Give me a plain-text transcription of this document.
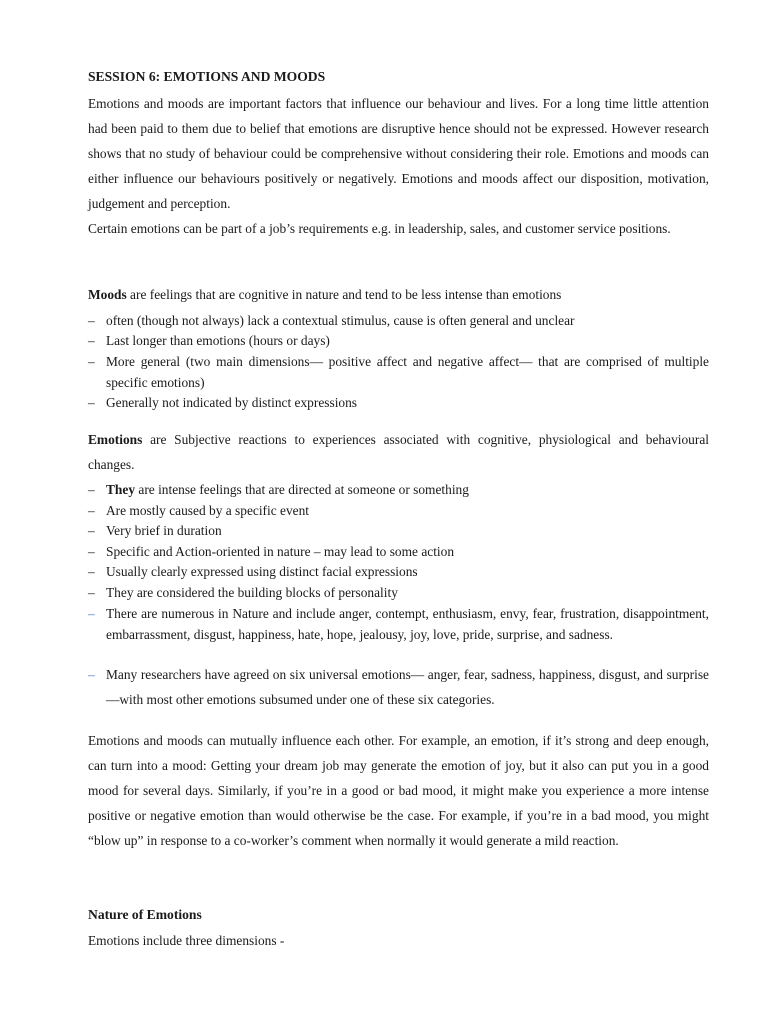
SESSION 6: EMOTIONS AND MOODS
Emotions and moods are important factors that influence our behaviour and lives. For a long time little attention had been paid to them due to belief that emotions are disruptive hence should not be expressed. However research shows that no study of behaviour could be comprehensive without considering their role. Emotions and moods can either influence our behaviours positively or negatively. Emotions and moods affect our disposition, motivation, judgement and perception.
Certain emotions can be part of a job’s requirements e.g. in leadership, sales, and customer service positions.
Moods are feelings that are cognitive in nature and tend to be less intense than emotions
– often (though not always) lack a contextual stimulus, cause is often general and unclear
– Last longer than emotions (hours or days)
– More general (two main dimensions— positive affect and negative affect— that are comprised of multiple specific emotions)
– Generally not indicated by distinct expressions
Emotions are Subjective reactions to experiences associated with cognitive, physiological and behavioural changes.
– They are intense feelings that are directed at someone or something
– Are mostly caused by a specific event
– Very brief in duration
– Specific and Action-oriented in nature – may lead to some action
– Usually clearly expressed using distinct facial expressions
– They are considered the building blocks of personality
– There are numerous in Nature and include anger, contempt, enthusiasm, envy, fear, frustration, disappointment, embarrassment, disgust, happiness, hate, hope, jealousy, joy, love, pride, surprise, and sadness.
– Many researchers have agreed on six universal emotions— anger, fear, sadness, happiness, disgust, and surprise—with most other emotions subsumed under one of these six categories.
Emotions and moods can mutually influence each other. For example, an emotion, if it’s strong and deep enough, can turn into a mood: Getting your dream job may generate the emotion of joy, but it also can put you in a good mood for several days. Similarly, if you’re in a good or bad mood, it might make you experience a more intense positive or negative emotion than would otherwise be the case. For example, if you’re in a bad mood, you might “blow up” in response to a co-worker’s comment when normally it would generate a mild reaction.
Nature of Emotions
Emotions include three dimensions -
